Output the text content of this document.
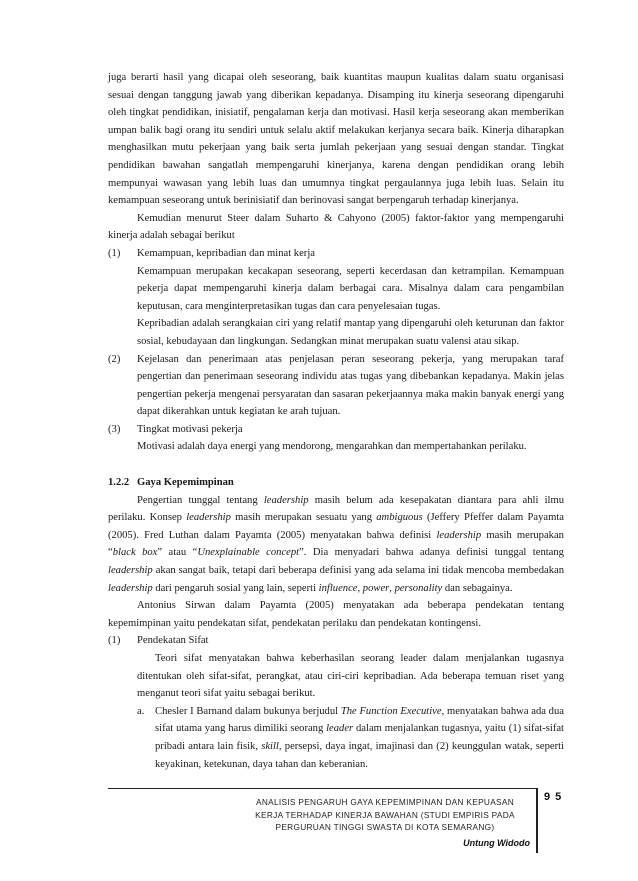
juga berarti hasil yang dicapai oleh seseorang, baik kuantitas maupun kualitas dalam suatu organisasi sesuai dengan tanggung jawab yang diberikan kepadanya. Disamping itu kinerja seseorang dipengaruhi oleh tingkat pendidikan, inisiatif, pengalaman kerja dan motivasi. Hasil kerja seseorang akan memberikan umpan balik bagi orang itu sendiri untuk selalu aktif melakukan kerjanya secara baik. Kinerja diharapkan menghasilkan mutu pekerjaan yang baik serta jumlah pekerjaan yang sesuai dengan standar. Tingkat pendidikan bawahan sangatlah mempengaruhi kinerjanya, karena dengan pendidikan orang lebih mempunyai wawasan yang lebih luas dan umumnya tingkat pergaulannya juga lebih luas. Selain itu kemampuan seseorang untuk berinisiatif dan berinovasi sangat berpengaruh terhadap kinerjanya.

Kemudian menurut Steer dalam Suharto & Cahyono (2005) faktor-faktor yang mempengaruhi kinerja adalah sebagai berikut

(1)	Kemampuan, kepribadian dan minat kerja

Kemampuan merupakan kecakapan seseorang, seperti kecerdasan dan ketrampilan. Kemampuan pekerja dapat mempengaruhi kinerja dalam berbagai cara. Misalnya dalam cara pengambilan keputusan, cara menginterpretasikan tugas dan cara penyelesaian tugas.

Kepribadian adalah serangkaian ciri yang relatif mantap yang dipengaruhi oleh keturunan dan faktor sosial, kebudayaan dan lingkungan. Sedangkan minat merupakan suatu valensi atau sikap.

(2)	Kejelasan dan penerimaan atas penjelasan peran seseorang pekerja, yang merupakan taraf pengertian dan penerimaan seseorang individu atas tugas yang dibebankan kepadanya. Makin jelas pengertian pekerja mengenai persyaratan dan sasaran pekerjaannya maka makin banyak energi yang dapat dikerahkan untuk kegiatan ke arah tujuan.

(3)	Tingkat motivasi pekerja

Motivasi adalah daya energi yang mendorong, mengarahkan dan mempertahankan perilaku.

1.2.2 Gaya Kepemimpinan

Pengertian tunggal tentang leadership masih belum ada kesepakatan diantara para ahli ilmu perilaku. Konsep leadership masih merupakan sesuatu yang ambiguous (Jeffery Pfeffer dalam Payamta (2005). Fred Luthan dalam Payamta (2005) menyatakan bahwa definisi leadership masih merupakan “black box” atau “Unexplainable concept”. Dia menyadari bahwa adanya definisi tunggal tentang leadership akan sangat baik, tetapi dari beberapa definisi yang ada selama ini tidak mencoba membedakan leadership dari pengaruh sosial yang lain, seperti influence, power, personality dan sebagainya.

Antonius Sirwan dalam Payamta (2005) menyatakan ada beberapa pendekatan tentang kepemimpinan yaitu pendekatan sifat, pendekatan perilaku dan pendekatan kontingensi.

(1)	Pendekatan Sifat

Teori sifat menyatakan bahwa keberhasilan seorang leader dalam menjalankan tugasnya ditentukan oleh sifat-sifat, perangkat, atau ciri-ciri kepribadian. Ada beberapa temuan riset yang menganut teori sifat yaitu sebagai berikut.

a.	Chesler I Barnand dalam bukunya berjudul The Function Executive, menyatakan bahwa ada dua sifat utama yang harus dimiliki seorang leader dalam menjalankan tugasnya, yaitu (1) sifat-sifat pribadi antara lain fisik, skill, persepsi, daya ingat, imajinasi dan (2) keunggulan watak, seperti keyakinan, ketekunan, daya tahan dan keberanian.

9 5
ANALISIS PENGARUH GAYA KEPEMIMPINAN DAN KEPUASAN
KERJA TERHADAP KINERJA BAWAHAN (STUDI EMPIRIS PADA
PERGURUAN TINGGI SWASTA DI KOTA SEMARANG)
Untung Widodo
